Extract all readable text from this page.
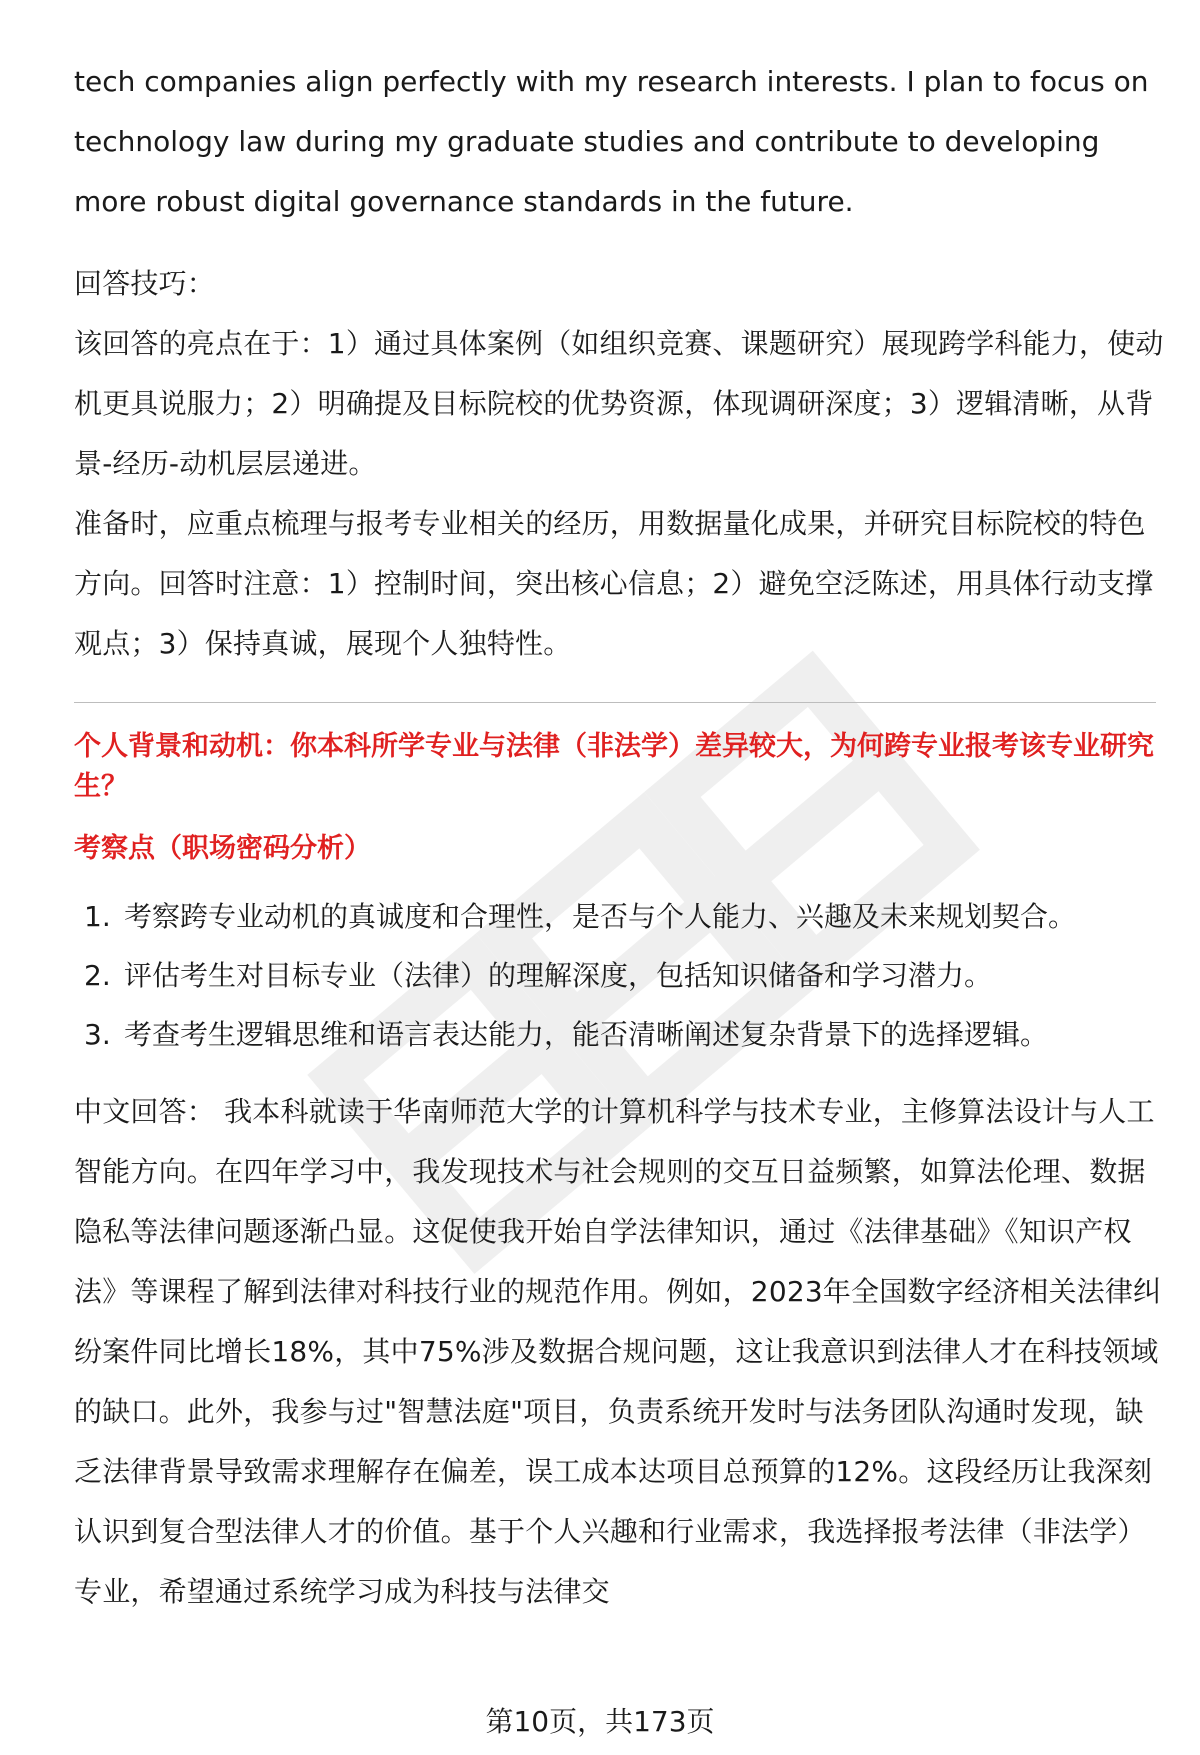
tech companies align perfectly with my research interests. I plan to focus on

technology law during my graduate studies and contribute to developing

more robust digital governance standards in the future.

回答技巧：

该回答的亮点在于：1）通过具体案例（如组织竞赛、课题研究）展现跨学科能力，使动机更具说服力；2）明确提及目标院校的优势资源，体现调研深度；3）逻辑清晰，从背景-经历-动机层层递进。

准备时，应重点梳理与报考专业相关的经历，用数据量化成果，并研究目标院校的特色方向。回答时注意：1）控制时间，突出核心信息；2）避免空泛陈述，用具体行动支撑观点；3）保持真诚，展现个人独特性。

个人背景和动机：你本科所学专业与法律（非法学）差异较大，为何跨专业报考该专业研究生？

考察点（职场密码分析）

1. 考察跨专业动机的真诚度和合理性，是否与个人能力、兴趣及未来规划契合。
2. 评估考生对目标专业（法律）的理解深度，包括知识储备和学习潜力。
3. 考查考生逻辑思维和语言表达能力，能否清晰阐述复杂背景下的选择逻辑。

中文回答： 我本科就读于华南师范大学的计算机科学与技术专业，主修算法设计与人工智能方向。在四年学习中，我发现技术与社会规则的交互日益频繁，如算法伦理、数据隐私等法律问题逐渐凸显。这促使我开始自学法律知识，通过《法律基础》《知识产权法》等课程了解到法律对科技行业的规范作用。例如，2023年全国数字经济相关法律纠纷案件同比增长18%，其中75%涉及数据合规问题，这让我意识到法律人才在科技领域的缺口。此外，我参与过"智慧法庭"项目，负责系统开发时与法务团队沟通时发现，缺乏法律背景导致需求理解存在偏差，误工成本达项目总预算的12%。这段经历让我深刻认识到复合型法律人才的价值。基于个人兴趣和行业需求，我选择报考法律（非法学）专业，希望通过系统学习成为科技与法律交

第10页，共173页
